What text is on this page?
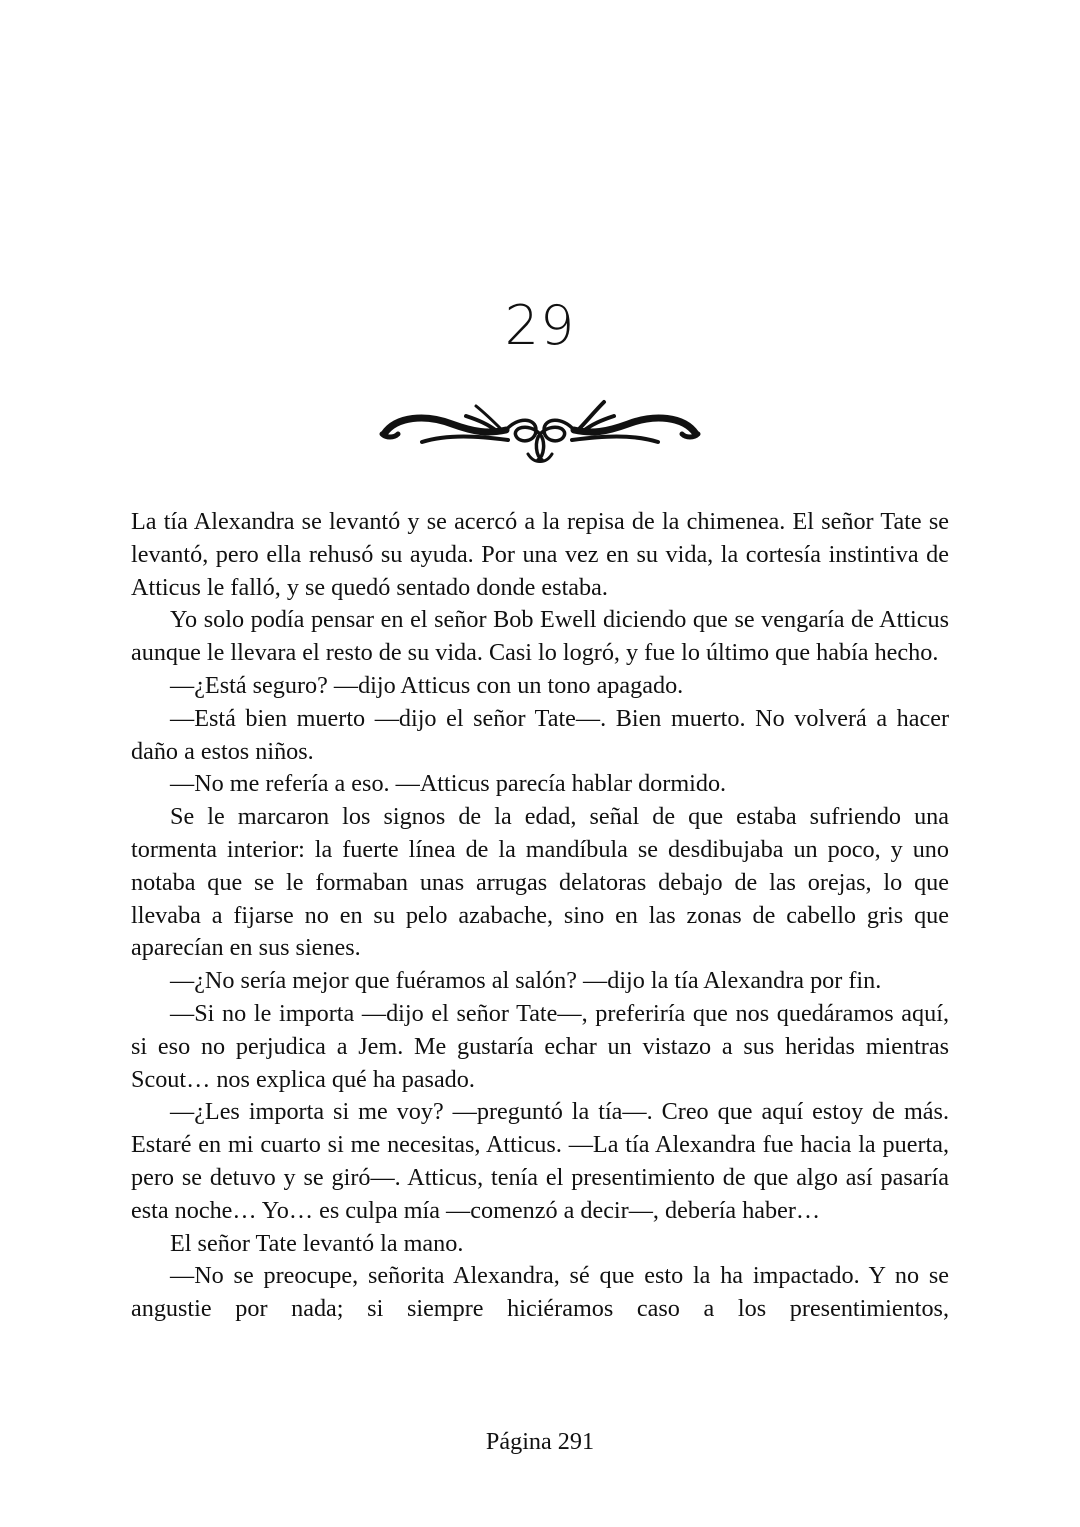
29

La tía Alexandra se levantó y se acercó a la repisa de la chimenea. El señor Tate se levantó, pero ella rehusó su ayuda. Por una vez en su vida, la cortesía instintiva de Atticus le falló, y se quedó sentado donde estaba.

Yo solo podía pensar en el señor Bob Ewell diciendo que se vengaría de Atticus aunque le llevara el resto de su vida. Casi lo logró, y fue lo último que había hecho.

—¿Está seguro? —dijo Atticus con un tono apagado.

—Está bien muerto —dijo el señor Tate—. Bien muerto. No volverá a hacer daño a estos niños.

—No me refería a eso. —Atticus parecía hablar dormido.

Se le marcaron los signos de la edad, señal de que estaba sufriendo una tormenta interior: la fuerte línea de la mandíbula se desdibujaba un poco, y uno notaba que se le formaban unas arrugas delatoras debajo de las orejas, lo que llevaba a fijarse no en su pelo azabache, sino en las zonas de cabello gris que aparecían en sus sienes.

—¿No sería mejor que fuéramos al salón? —dijo la tía Alexandra por fin.

—Si no le importa —dijo el señor Tate—, preferiría que nos quedáramos aquí, si eso no perjudica a Jem. Me gustaría echar un vistazo a sus heridas mientras Scout… nos explica qué ha pasado.

—¿Les importa si me voy? —preguntó la tía—. Creo que aquí estoy de más. Estaré en mi cuarto si me necesitas, Atticus. —La tía Alexandra fue hacia la puerta, pero se detuvo y se giró—. Atticus, tenía el presentimiento de que algo así pasaría esta noche… Yo… es culpa mía —comenzó a decir—, debería haber…

El señor Tate levantó la mano.

—No se preocupe, señorita Alexandra, sé que esto la ha impactado. Y no se angustie por nada; si siempre hiciéramos caso a los presentimientos,

Página 291
